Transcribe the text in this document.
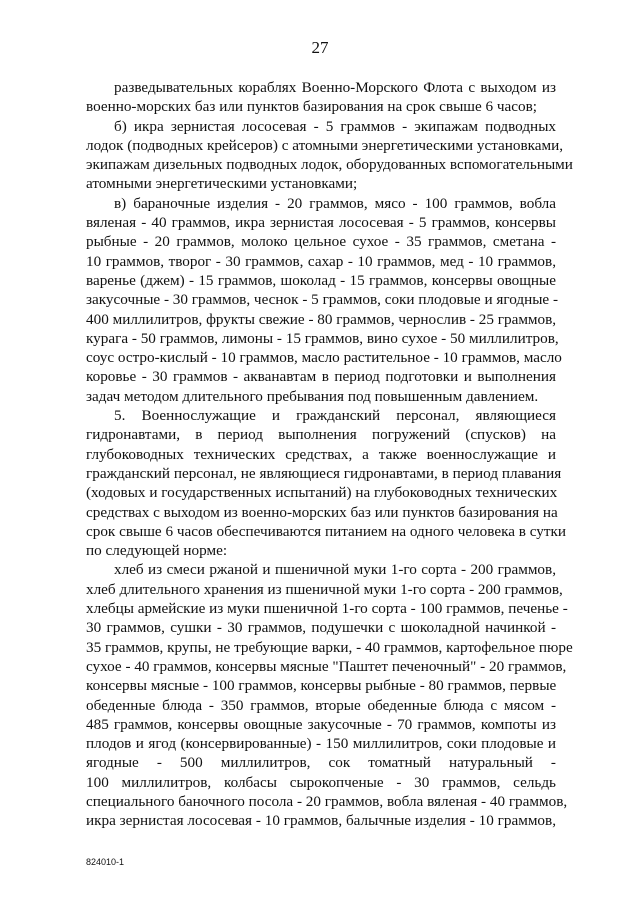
27
разведывательных кораблях Военно-Морского Флота с выходом из
военно-морских баз или пунктов базирования на срок свыше 6 часов;
б) икра зернистая лососевая - 5 граммов - экипажам подводных
лодок (подводных крейсеров) с атомными энергетическими установками,
экипажам дизельных подводных лодок, оборудованных вспомогательными
атомными энергетическими установками;
в) бараночные изделия - 20 граммов, мясо - 100 граммов, вобла
вяленая - 40 граммов, икра зернистая лососевая - 5 граммов, консервы
рыбные - 20 граммов, молоко цельное сухое - 35 граммов, сметана -
10 граммов, творог - 30 граммов, сахар - 10 граммов, мед - 10 граммов,
варенье (джем) - 15 граммов, шоколад - 15 граммов, консервы овощные
закусочные - 30 граммов, чеснок - 5 граммов, соки плодовые и ягодные -
400 миллилитров, фрукты свежие - 80 граммов, чернослив - 25 граммов,
курага - 50 граммов, лимоны - 15 граммов, вино сухое - 50 миллилитров,
соус остро-кислый - 10 граммов, масло растительное - 10 граммов, масло
коровье - 30 граммов - акванавтам в период подготовки и выполнения
задач методом длительного пребывания под повышенным давлением.
5. Военнослужащие и гражданский персонал, являющиеся
гидронавтами, в период выполнения погружений (спусков) на
глубоководных технических средствах, а также военнослужащие и
гражданский персонал, не являющиеся гидронавтами, в период плавания
(ходовых и государственных испытаний) на глубоководных технических
средствах с выходом из военно-морских баз или пунктов базирования на
срок свыше 6 часов обеспечиваются питанием на одного человека в сутки
по следующей норме:
хлеб из смеси ржаной и пшеничной муки 1-го сорта - 200 граммов,
хлеб длительного хранения из пшеничной муки 1-го сорта - 200 граммов,
хлебцы армейские из муки пшеничной 1-го сорта - 100 граммов, печенье -
30 граммов, сушки - 30 граммов, подушечки с шоколадной начинкой -
35 граммов, крупы, не требующие варки, - 40 граммов, картофельное пюре
сухое - 40 граммов, консервы мясные "Паштет печеночный" - 20 граммов,
консервы мясные - 100 граммов, консервы рыбные - 80 граммов, первые
обеденные блюда - 350 граммов, вторые обеденные блюда с мясом -
485 граммов, консервы овощные закусочные - 70 граммов, компоты из
плодов и ягод (консервированные) - 150 миллилитров, соки плодовые и
ягодные - 500 миллилитров, сок томатный натуральный -
100 миллилитров, колбасы сырокопченые - 30 граммов, сельдь
специального баночного посола - 20 граммов, вобла вяленая - 40 граммов,
икра зернистая лососевая - 10 граммов, балычные изделия - 10 граммов,
824010-1
